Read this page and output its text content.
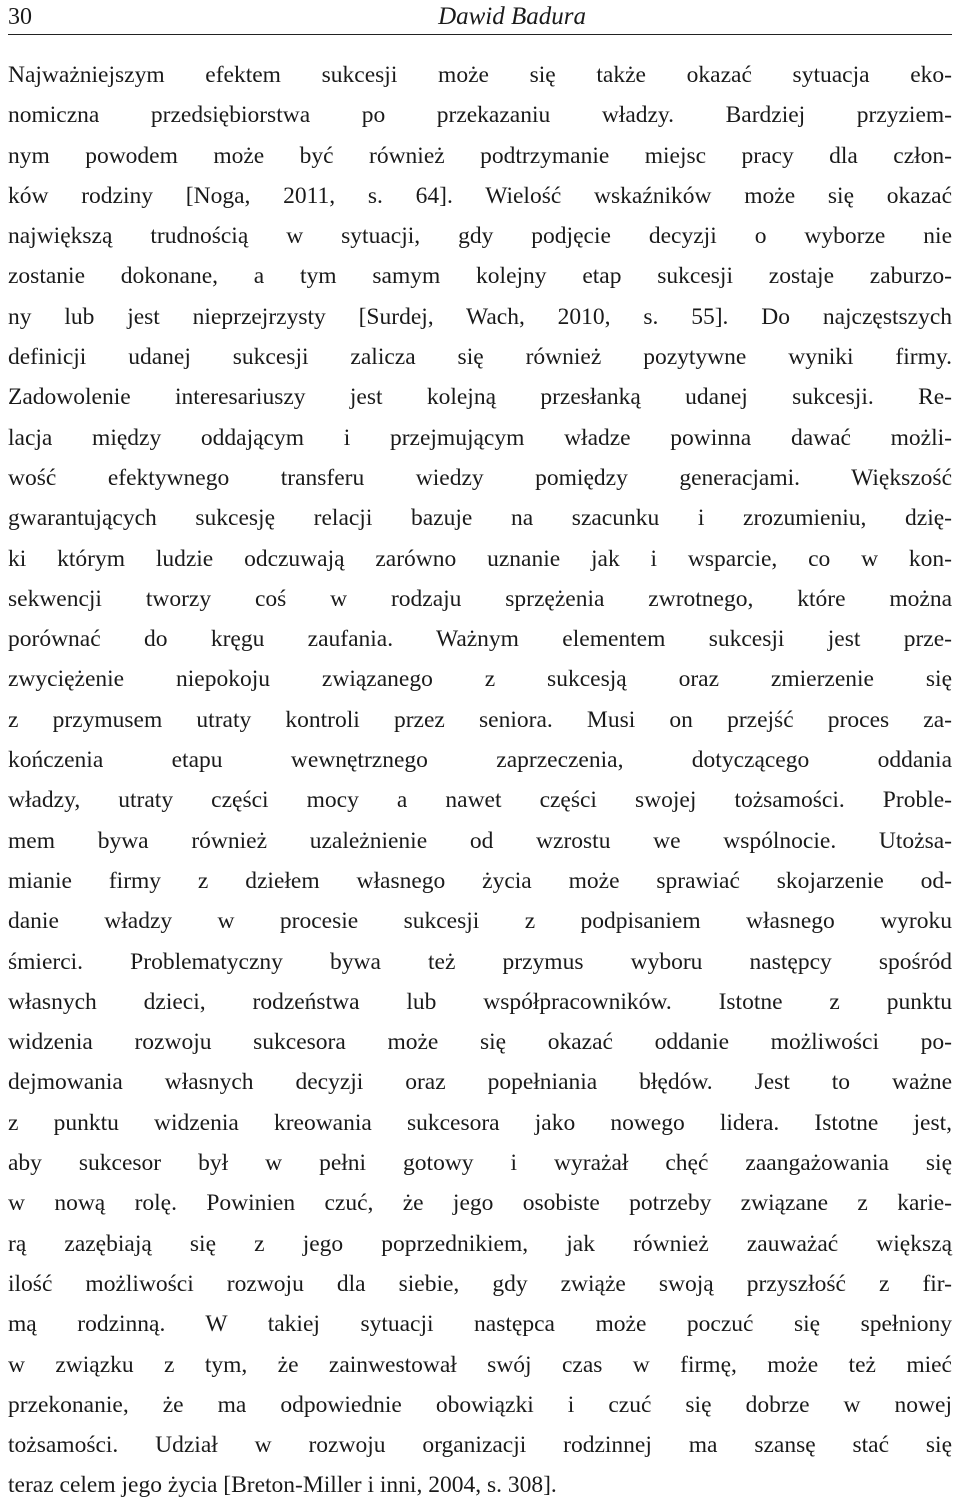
30	Dawid Badura

Najważniejszym efektem sukcesji może się także okazać sytuacja eko-
nomiczna przedsiębiorstwa po przekazaniu władzy. Bardziej przyziem-
nym powodem może być również podtrzymanie miejsc pracy dla człon-
ków rodziny [Noga, 2011, s. 64]. Wielość wskaźników może się okazać
największą trudnością w sytuacji, gdy podjęcie decyzji o wyborze nie
zostanie dokonane, a tym samym kolejny etap sukcesji zostaje zaburzo-
ny lub jest nieprzejrzysty [Surdej, Wach, 2010, s. 55]. Do najczęstszych
definicji udanej sukcesji zalicza się również pozytywne wyniki firmy.
Zadowolenie interesariuszy jest kolejną przesłanką udanej sukcesji. Re-
lacja między oddającym i przejmującym władze powinna dawać możli-
wość efektywnego transferu wiedzy pomiędzy generacjami. Większość
gwarantujących sukcesję relacji bazuje na szacunku i zrozumieniu, dzię-
ki którym ludzie odczuwają zarówno uznanie jak i wsparcie, co w kon-
sekwencji tworzy coś w rodzaju sprzężenia zwrotnego, które można
porównać do kręgu zaufania. Ważnym elementem sukcesji jest prze-
zwyciężenie niepokoju związanego z sukcesją oraz zmierzenie się
z przymusem utraty kontroli przez seniora. Musi on przejść proces za-
kończenia etapu wewnętrznego zaprzeczenia, dotyczącego oddania
władzy, utraty części mocy a nawet części swojej tożsamości. Proble-
mem bywa również uzależnienie od wzrostu we wspólnocie. Utożsa-
mianie firmy z dziełem własnego życia może sprawiać skojarzenie od-
danie władzy w procesie sukcesji z podpisaniem własnego wyroku
śmierci. Problematyczny bywa też przymus wyboru następcy spośród
własnych dzieci, rodzeństwa lub współpracowników. Istotne z punktu
widzenia rozwoju sukcesora może się okazać oddanie możliwości po-
dejmowania własnych decyzji oraz popełniania błędów. Jest to ważne
z punktu widzenia kreowania sukcesora jako nowego lidera. Istotne jest,
aby sukcesor był w pełni gotowy i wyrażał chęć zaangażowania się
w nową rolę. Powinien czuć, że jego osobiste potrzeby związane z karie-
rą zazębiają się z jego poprzednikiem, jak również zauważać większą
ilość możliwości rozwoju dla siebie, gdy zwiąże swoją przyszłość z fir-
mą rodzinną. W takiej sytuacji następca może poczuć się spełniony
w związku z tym, że zainwestował swój czas w firmę, może też mieć
przekonanie, że ma odpowiednie obowiązki i czuć się dobrze w nowej
tożsamości. Udział w rozwoju organizacji rodzinnej ma szansę stać się
teraz celem jego życia [Breton-Miller i inni, 2004, s. 308].
